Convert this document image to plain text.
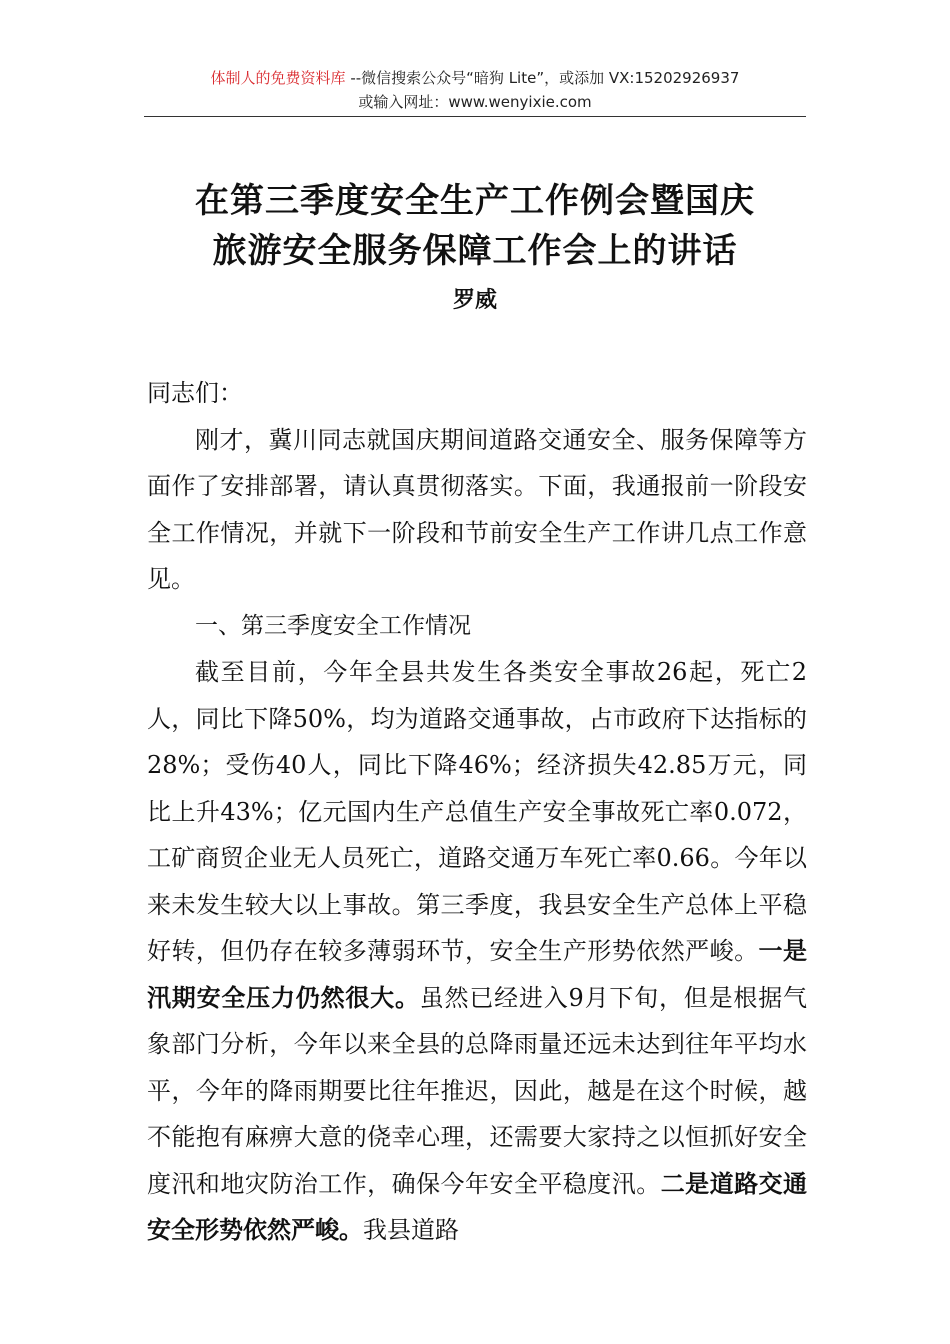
体制人的免费资料库 --微信搜索公众号“暗狗 Lite”，或添加 VX:15202926937
或输入网址：www.wenyixie.com
在第三季度安全生产工作例会暨国庆
旅游安全服务保障工作会上的讲话
罗威

同志们：

刚才，冀川同志就国庆期间道路交通安全、服务保障等方面作了安排部署，请认真贯彻落实。下面，我通报前一阶段安全工作情况，并就下一阶段和节前安全生产工作讲几点工作意见。

一、第三季度安全工作情况

截至目前，今年全县共发生各类安全事故26起，死亡2人，同比下降50%，均为道路交通事故，占市政府下达指标的28%；受伤40人，同比下降46%；经济损失42.85万元，同比上升43%；亿元国内生产总值生产安全事故死亡率0.072，工矿商贸企业无人员死亡，道路交通万车死亡率0.66。今年以来未发生较大以上事故。第三季度，我县安全生产总体上平稳好转，但仍存在较多薄弱环节，安全生产形势依然严峻。一是汛期安全压力仍然很大。虽然已经进入9月下旬，但是根据气象部门分析，今年以来全县的总降雨量还远未达到往年平均水平，今年的降雨期要比往年推迟，因此，越是在这个时候，越不能抱有麻痹大意的侥幸心理，还需要大家持之以恒抓好安全度汛和地灾防治工作，确保今年安全平稳度汛。二是道路交通安全形势依然严峻。我县道路
